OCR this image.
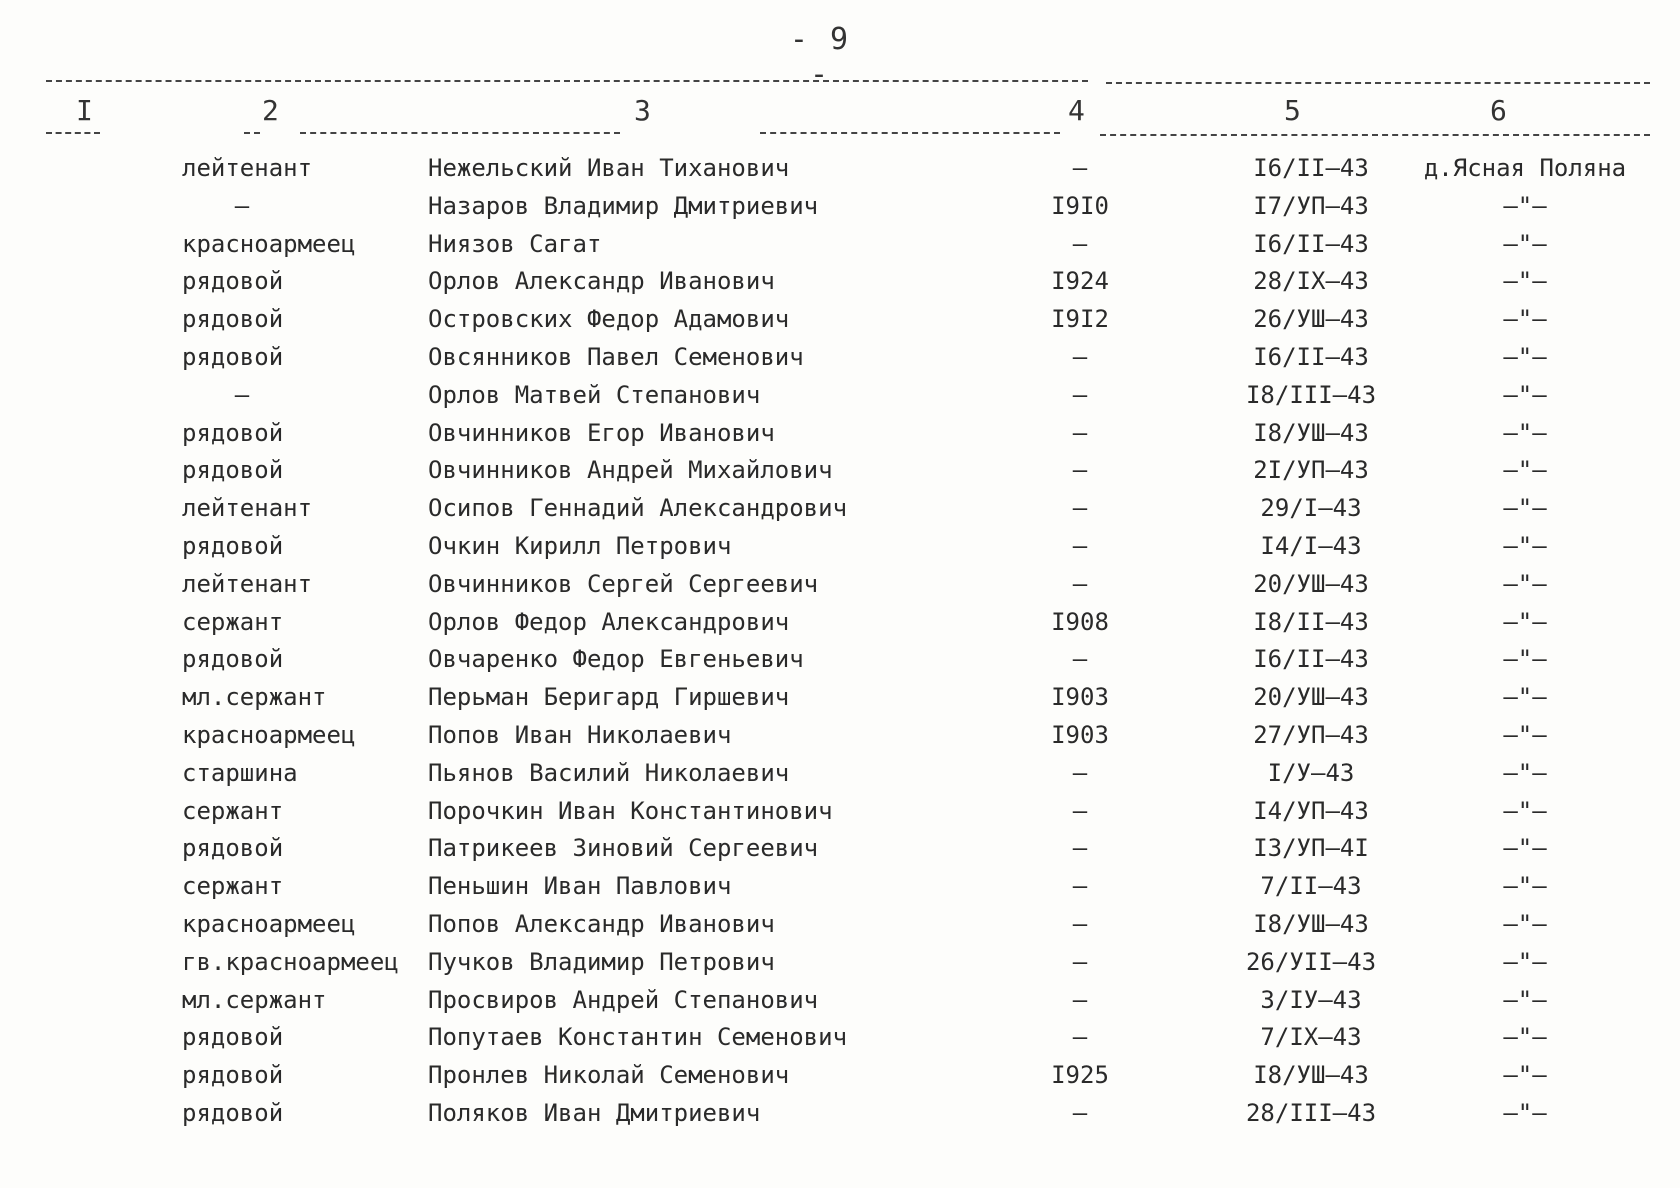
- 9 -
I	2	3	4	5	6
лейтенант	Нежельский Иван Тиханович	–	I6/II–43	д.Ясная Поляна
–	Назаров Владимир Дмитриевич	I9I0	I7/УП–43	–"–
красноармеец	Ниязов Сагат	–	I6/II–43	–"–
рядовой	Орлов Александр Иванович	I924	28/IX–43	–"–
рядовой	Островских Федор Адамович	I9I2	26/УШ–43	–"–
рядовой	Овсянников Павел Семенович	–	I6/II–43	–"–
–	Орлов Матвей Степанович	–	I8/III–43	–"–
рядовой	Овчинников Егор Иванович	–	I8/УШ–43	–"–
рядовой	Овчинников Андрей Михайлович	–	2I/УП–43	–"–
лейтенант	Осипов Геннадий Александрович	–	29/I–43	–"–
рядовой	Очкин Кирилл Петрович	–	I4/I–43	–"–
лейтенант	Овчинников Сергей Сергеевич	–	20/УШ–43	–"–
сержант	Орлов Федор Александрович	I908	I8/II–43	–"–
рядовой	Овчаренко Федор Евгеньевич	–	I6/II–43	–"–
мл.сержант	Перьман Беригард Гиршевич	I903	20/УШ–43	–"–
красноармеец	Попов Иван Николаевич	I903	27/УП–43	–"–
старшина	Пьянов Василий Николаевич	–	I/У–43	–"–
сержант	Порочкин Иван Константинович	–	I4/УП–43	–"–
рядовой	Патрикеев Зиновий Сергеевич	–	I3/УП–4I	–"–
сержант	Пеньшин Иван Павлович	–	7/II–43	–"–
красноармеец	Попов Александр Иванович	–	I8/УШ–43	–"–
гв.красноармеец	Пучков Владимир Петрович	–	26/УII–43	–"–
мл.сержант	Просвиров Андрей Степанович	–	3/IУ–43	–"–
рядовой	Попутаев Константин Семенович	–	7/IX–43	–"–
рядовой	Пронлев Николай Семенович	I925	I8/УШ–43	–"–
рядовой	Поляков Иван Дмитриевич	–	28/III–43	–"–
